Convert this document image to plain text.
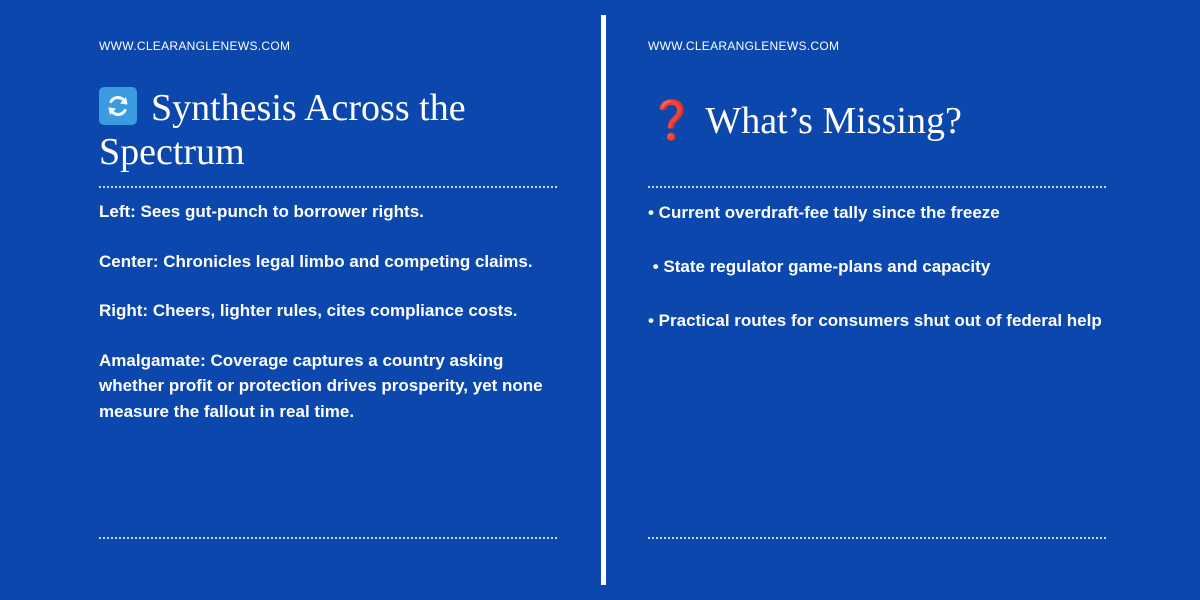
WWW.CLEARANGLENEWS.COM
Synthesis Across the Spectrum

Left: Sees gut-punch to borrower rights.

Center: Chronicles legal limbo and competing claims.

Right: Cheers, lighter rules, cites compliance costs.

Amalgamate: Coverage captures a country asking whether profit or protection drives prosperity, yet none measure the fallout in real time.

WWW.CLEARANGLENEWS.COM
❓ What’s Missing?

• Current overdraft-fee tally since the freeze

• State regulator game-plans and capacity

• Practical routes for consumers shut out of federal help
